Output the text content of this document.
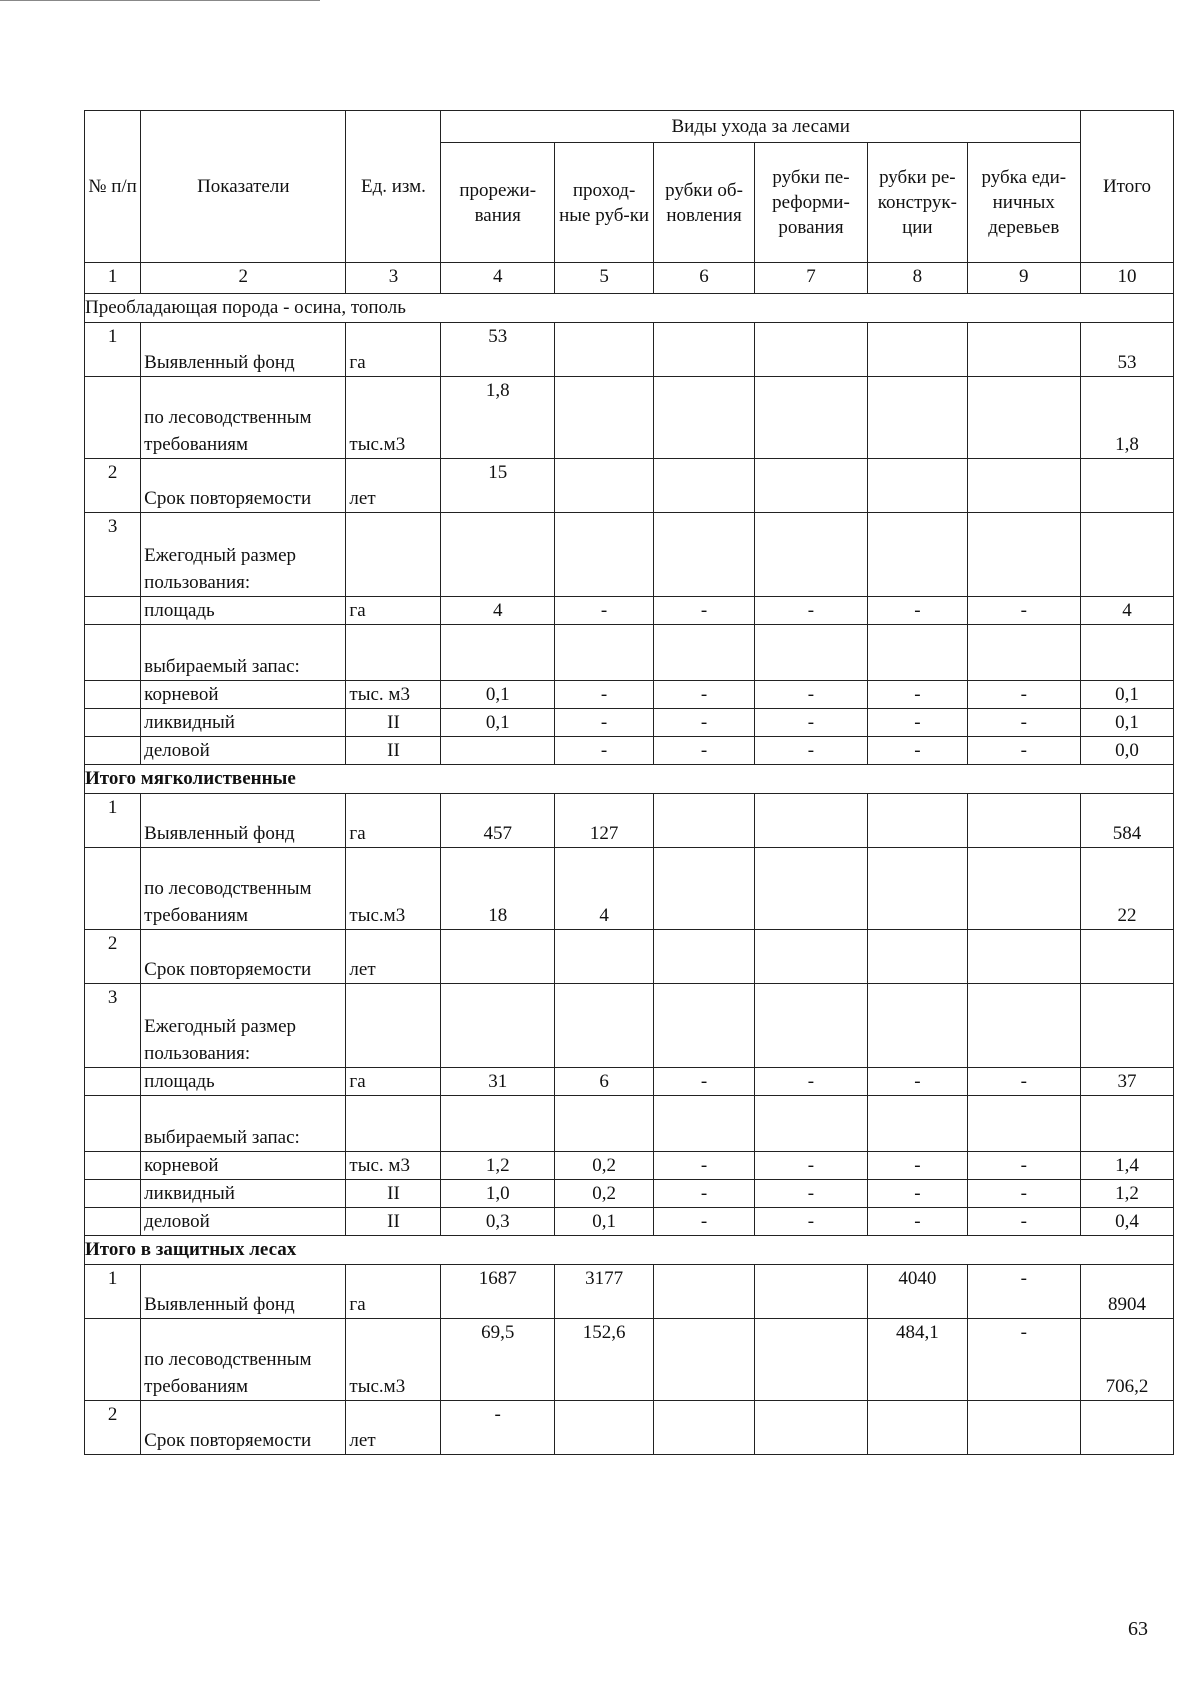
№ п/п	Показатели	Ед. изм.	Виды ухода за лесами						Итого
			прорежи-вания	проход-ные руб-ки	рубки об-новления	рубки пе-реформи-рования	рубки ре-конструк-ции	рубка еди-ничных деревьев	
1	2	3	4	5	6	7	8	9	10
Преобладающая порода - осина, тополь									
1	Выявленный фонд	га	53						53
	по лесоводственным требованиям	тыс.м3	1,8						1,8
2	Срок повторяемости	лет	15						
3	Ежегодный размер пользования:								
	площадь	га	4	-	-	-	-	-	4
	выбираемый запас:								
	корневой	тыс. м3	0,1	-	-	-	-	-	0,1
	ликвидный	II	0,1	-	-	-	-	-	0,1
	деловой	II		-	-	-	-	-	0,0
Итого мягколиственные									
1	Выявленный фонд	га	457	127					584
	по лесоводственным требованиям	тыс.м3	18	4					22
2	Срок повторяемости	лет							
3	Ежегодный размер пользования:								
	площадь	га	31	6	-	-	-	-	37
	выбираемый запас:								
	корневой	тыс. м3	1,2	0,2	-	-	-	-	1,4
	ликвидный	II	1,0	0,2	-	-	-	-	1,2
	деловой	II	0,3	0,1	-	-	-	-	0,4
Итого в защитных лесах									
1	Выявленный фонд	га	1687	3177			4040	-	8904
	по лесоводственным требованиям	тыс.м3	69,5	152,6			484,1	-	706,2
2	Срок повторяемости	лет	-						
63
